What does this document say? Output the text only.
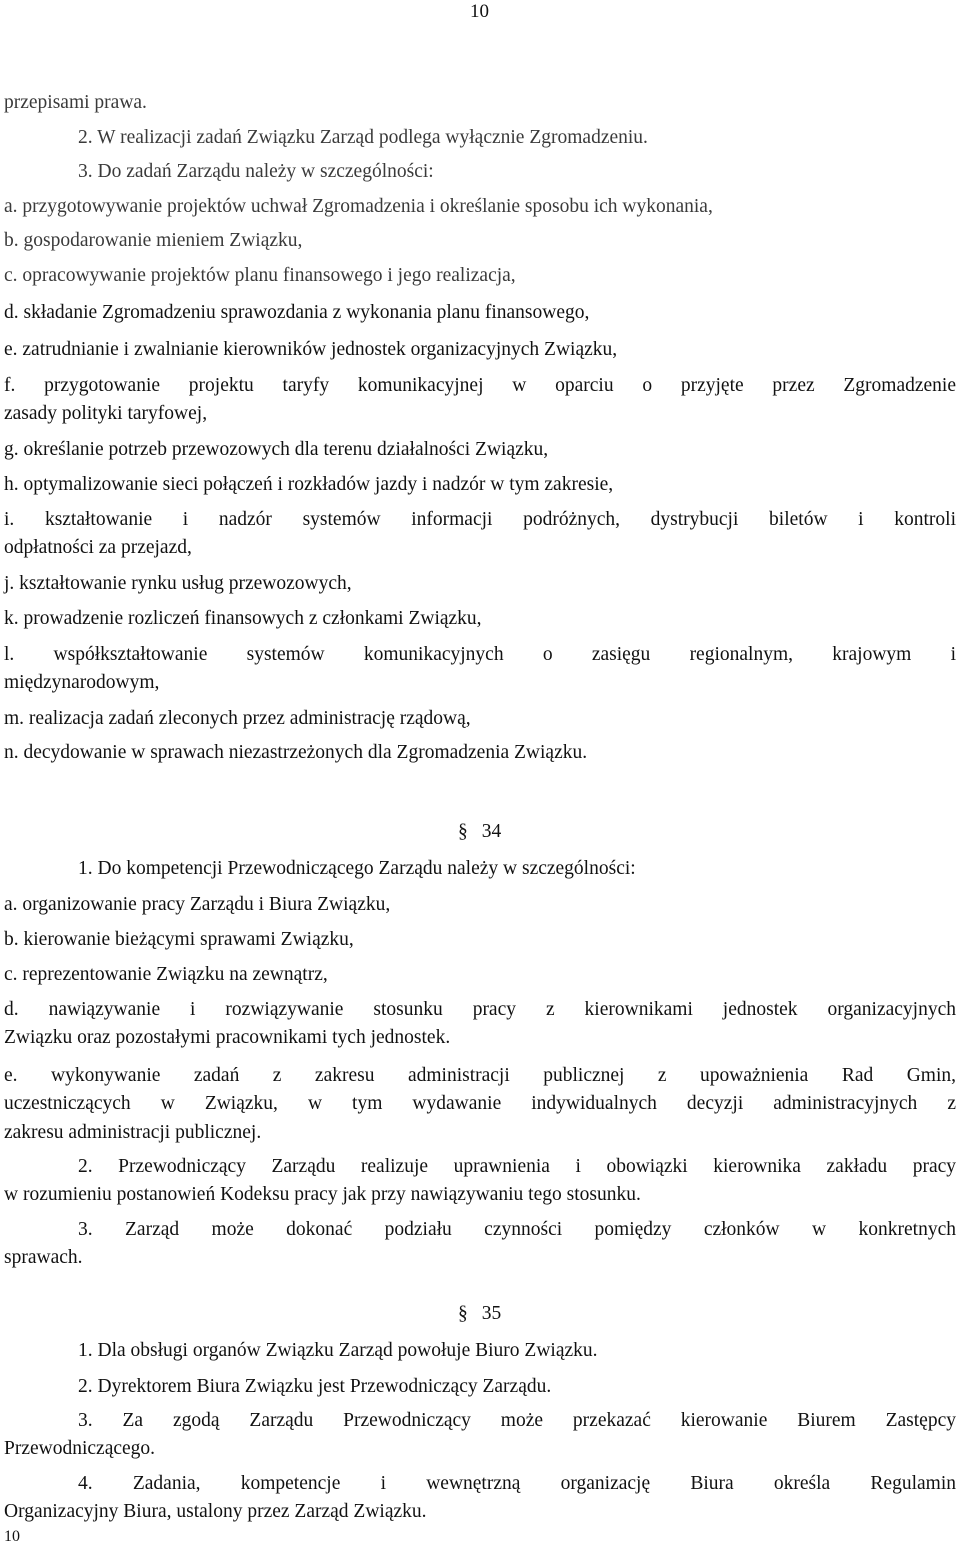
10
przepisami prawa.
2. W realizacji zadań Związku Zarząd podlega wyłącznie Zgromadzeniu.
3. Do zadań Zarządu należy w szczególności:
a. przygotowywanie projektów uchwał Zgromadzenia i określanie sposobu ich wykonania,
b. gospodarowanie mieniem Związku,
c. opracowywanie projektów planu finansowego i jego realizacja,
d. składanie Zgromadzeniu sprawozdania z wykonania planu finansowego,
e. zatrudnianie i zwalnianie kierowników jednostek organizacyjnych Związku,
f. przygotowanie projektu taryfy komunikacyjnej w oparciu o przyjęte przez Zgromadzenie
zasady polityki taryfowej,
g. określanie potrzeb przewozowych dla terenu działalności Związku,
h. optymalizowanie sieci połączeń i rozkładów jazdy i nadzór w tym zakresie,
i. kształtowanie i nadzór systemów informacji podróżnych, dystrybucji biletów i kontroli
odpłatności za przejazd,
j. kształtowanie rynku usług przewozowych,
k. prowadzenie rozliczeń finansowych z członkami Związku,
l. współkształtowanie systemów komunikacyjnych o zasięgu regionalnym, krajowym i
międzynarodowym,
m. realizacja zadań zleconych przez administrację rządową,
n. decydowanie w sprawach niezastrzeżonych dla Zgromadzenia Związku.
§ 34
1. Do kompetencji Przewodniczącego Zarządu należy w szczególności:
a. organizowanie pracy Zarządu i Biura Związku,
b. kierowanie bieżącymi sprawami Związku,
c. reprezentowanie Związku na zewnątrz,
d. nawiązywanie i rozwiązywanie stosunku pracy z kierownikami jednostek organizacyjnych
Związku oraz pozostałymi pracownikami tych jednostek.
e. wykonywanie zadań z zakresu administracji publicznej z upoważnienia Rad Gmin,
uczestniczących w Związku, w tym wydawanie indywidualnych decyzji administracyjnych z
zakresu administracji publicznej.
2. Przewodniczący Zarządu realizuje uprawnienia i obowiązki kierownika zakładu pracy
w rozumieniu postanowień Kodeksu pracy jak przy nawiązywaniu tego stosunku.
3. Zarząd może dokonać podziału czynności pomiędzy członków w konkretnych
sprawach.
§ 35
1. Dla obsługi organów Związku Zarząd powołuje Biuro Związku.
2. Dyrektorem Biura Związku jest Przewodniczący Zarządu.
3. Za zgodą Zarządu Przewodniczący może przekazać kierowanie Biurem Zastępcy
Przewodniczącego.
4. Zadania, kompetencje i wewnętrzną organizację Biura określa Regulamin
Organizacyjny Biura, ustalony przez Zarząd Związku.
10
